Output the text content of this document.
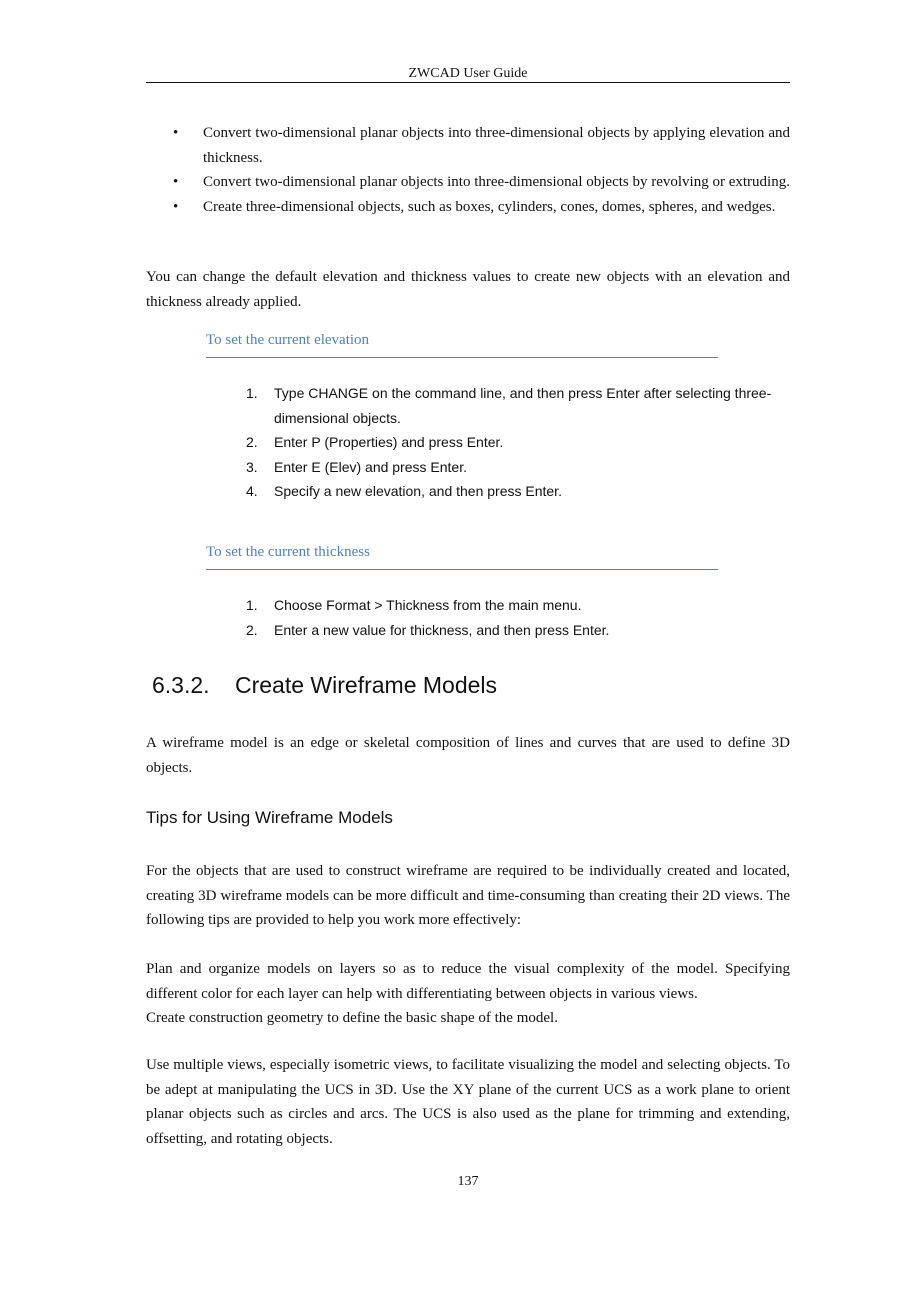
ZWCAD User Guide
• Convert two-dimensional planar objects into three-dimensional objects by applying elevation and thickness.
• Convert two-dimensional planar objects into three-dimensional objects by revolving or extruding.
• Create three-dimensional objects, such as boxes, cylinders, cones, domes, spheres, and wedges.

You can change the default elevation and thickness values to create new objects with an elevation and thickness already applied.

To set the current elevation
1. Type CHANGE on the command line, and then press Enter after selecting three-dimensional objects.
2. Enter P (Properties) and press Enter.
3. Enter E (Elev) and press Enter.
4. Specify a new elevation, and then press Enter.
To set the current thickness
1. Choose Format > Thickness from the main menu.
2. Enter a new value for thickness, and then press Enter.
6.3.2. Create Wireframe Models

A wireframe model is an edge or skeletal composition of lines and curves that are used to define 3D objects.

Tips for Using Wireframe Models

For the objects that are used to construct wireframe are required to be individually created and located, creating 3D wireframe models can be more difficult and time-consuming than creating their 2D views. The following tips are provided to help you work more effectively:

Plan and organize models on layers so as to reduce the visual complexity of the model. Specifying different color for each layer can help with differentiating between objects in various views.

Create construction geometry to define the basic shape of the model.

Use multiple views, especially isometric views, to facilitate visualizing the model and selecting objects. To be adept at manipulating the UCS in 3D. Use the XY plane of the current UCS as a work plane to orient planar objects such as circles and arcs. The UCS is also used as the plane for trimming and extending, offsetting, and rotating objects.

137
